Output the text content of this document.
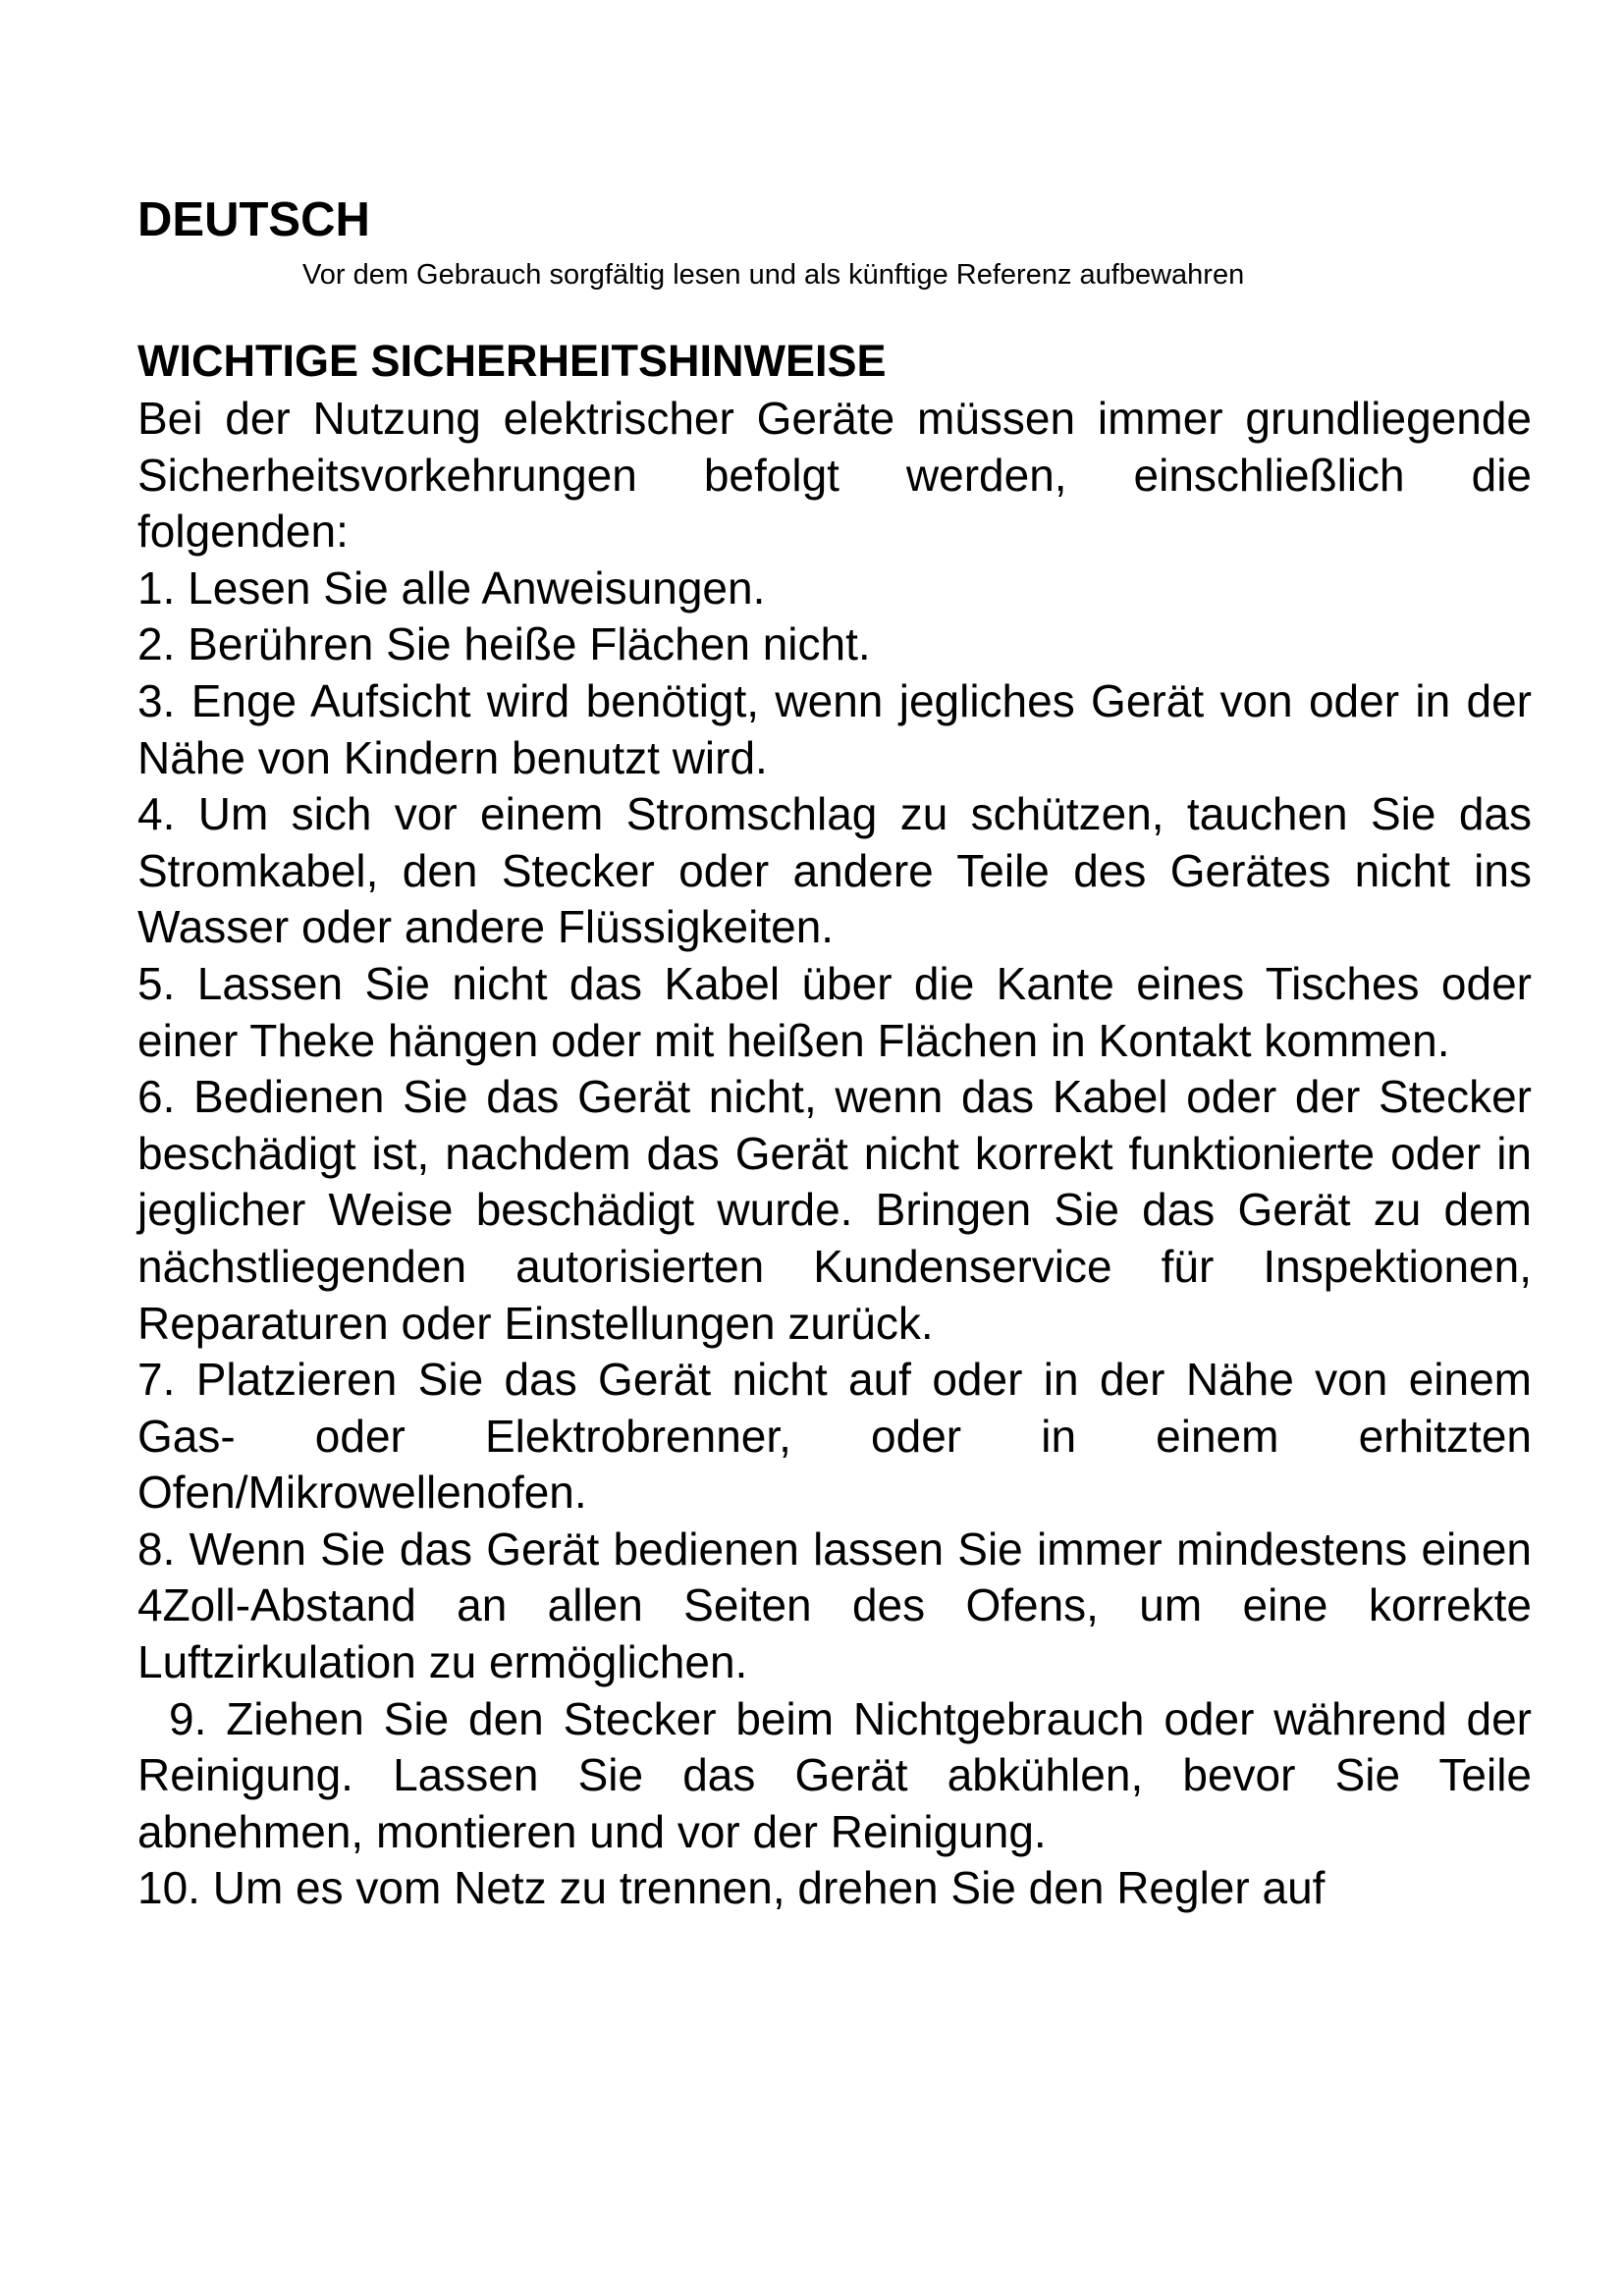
DEUTSCH

Vor dem Gebrauch sorgfältig lesen und als künftige Referenz aufbewahren

WICHTIGE SICHERHEITSHINWEISE

Bei der Nutzung elektrischer Geräte müssen immer grundliegende Sicherheitsvorkehrungen befolgt werden, einschließlich die folgenden:

1. Lesen Sie alle Anweisungen.

2. Berühren Sie heiße Flächen nicht.

3. Enge Aufsicht wird benötigt, wenn jegliches Gerät von oder in der Nähe von Kindern benutzt wird.

4. Um sich vor einem Stromschlag zu schützen, tauchen Sie das Stromkabel, den Stecker oder andere Teile des Gerätes nicht ins Wasser oder andere Flüssigkeiten.

5. Lassen Sie nicht das Kabel über die Kante eines Tisches oder einer Theke hängen oder mit heißen Flächen in Kontakt kommen.

6. Bedienen Sie das Gerät nicht, wenn das Kabel oder der Stecker beschädigt ist, nachdem das Gerät nicht korrekt funktionierte oder in jeglicher Weise beschädigt wurde. Bringen Sie das Gerät zu dem nächstliegenden autorisierten Kundenservice für Inspektionen, Reparaturen oder Einstellungen zurück.

7. Platzieren Sie das Gerät nicht auf oder in der Nähe von einem Gas- oder Elektrobrenner, oder in einem erhitzten Ofen/Mikrowellenofen.

8. Wenn Sie das Gerät bedienen lassen Sie immer mindestens einen 4Zoll-Abstand an allen Seiten des Ofens, um eine korrekte Luftzirkulation zu ermöglichen.

9. Ziehen Sie den Stecker beim Nichtgebrauch oder während der Reinigung. Lassen Sie das Gerät abkühlen, bevor Sie Teile abnehmen, montieren und vor der Reinigung.

10. Um es vom Netz zu trennen, drehen Sie den Regler auf
